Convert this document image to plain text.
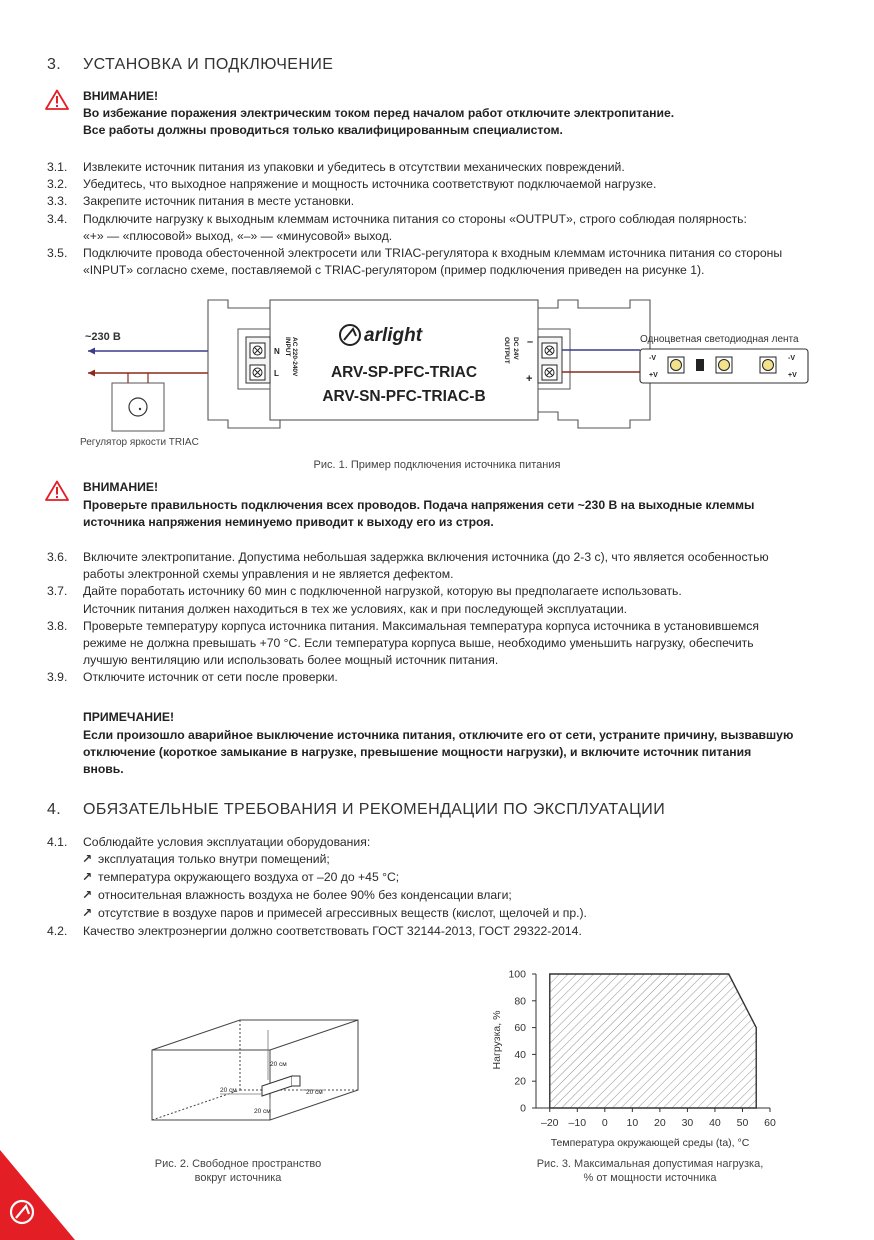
3. УСТАНОВКА И ПОДКЛЮЧЕНИЕ
ВНИМАНИЕ!
Во избежание поражения электрическим током перед началом работ отключите электропитание.
Все работы должны проводиться только квалифицированным специалистом.
3.1. Извлеките источник питания из упаковки и убедитесь в отсутствии механических повреждений.
3.2. Убедитесь, что выходное напряжение и мощность источника соответствуют подключаемой нагрузке.
3.3. Закрепите источник питания в месте установки.
3.4. Подключите нагрузку к выходным клеммам источника питания со стороны «OUTPUT», строго соблюдая полярность:
«+» — «плюсовой» выход, «–» — «минусовой» выход.
3.5. Подключите провода обесточенной электросети или TRIAC-регулятора к входным клеммам источника питания со стороны
«INPUT» согласно схеме, поставляемой с TRIAC-регулятором (пример подключения приведен на рисунке 1).
~230 В
Регулятор яркости TRIAC
N
L
INPUT AC 220-240V	–
+
OUTPUT DC 24V
arlight
ARV-SP-PFC-TRIAC
ARV-SN-PFC-TRIAC-B
Одноцветная светодиодная лента
-V
+V
-V
+V
Рис. 1. Пример подключения источника питания
ВНИМАНИЕ!
Проверьте правильность подключения всех проводов. Подача напряжения сети ~230 В на выходные клеммы
источника напряжения неминуемо приводит к выходу его из строя.
3.6. Включите электропитание. Допустима небольшая задержка включения источника (до 2-3 с), что является особенностью
работы электронной схемы управления и не является дефектом.
3.7. Дайте поработать источнику 60 мин с подключенной нагрузкой, которую вы предполагаете использовать.
Источник питания должен находиться в тех же условиях, как и при последующей эксплуатации.
3.8. Проверьте температуру корпуса источника питания. Максимальная температура корпуса источника в установившемся
режиме не должна превышать +70 °C. Если температура корпуса выше, необходимо уменьшить нагрузку, обеспечить
лучшую вентиляцию или использовать более мощный источник питания.
3.9. Отключите источник от сети после проверки.
ПРИМЕЧАНИЕ!
Если произошло аварийное выключение источника питания, отключите его от сети, устраните причину, вызвавшую
отключение (короткое замыкание в нагрузке, превышение мощности нагрузки), и включите источник питания
вновь.
4. ОБЯЗАТЕЛЬНЫЕ ТРЕБОВАНИЯ И РЕКОМЕНДАЦИИ ПО ЭКСПЛУАТАЦИИ
4.1. Соблюдайте условия эксплуатации оборудования:
↗ эксплуатация только внутри помещений;
↗ температура окружающего воздуха от –20 до +45 °C;
↗ относительная влажность воздуха не более 90% без конденсации влаги;
↗ отсутствие в воздухе паров и примесей агрессивных веществ (кислот, щелочей и пр.).
4.2. Качество электроэнергии должно соответствовать ГОСТ 32144-2013, ГОСТ 29322-2014.
20 см
20 см	20 см
20 см
Рис. 2. Свободное пространство
вокруг источника
0
20
40
60
80
100
–20 –10 0 10 20 30 40 50 60
Температура окружающей среды (ta), °C
Нагрузка, %
Рис. 3. Максимальная допустимая нагрузка,
% от мощности источника
